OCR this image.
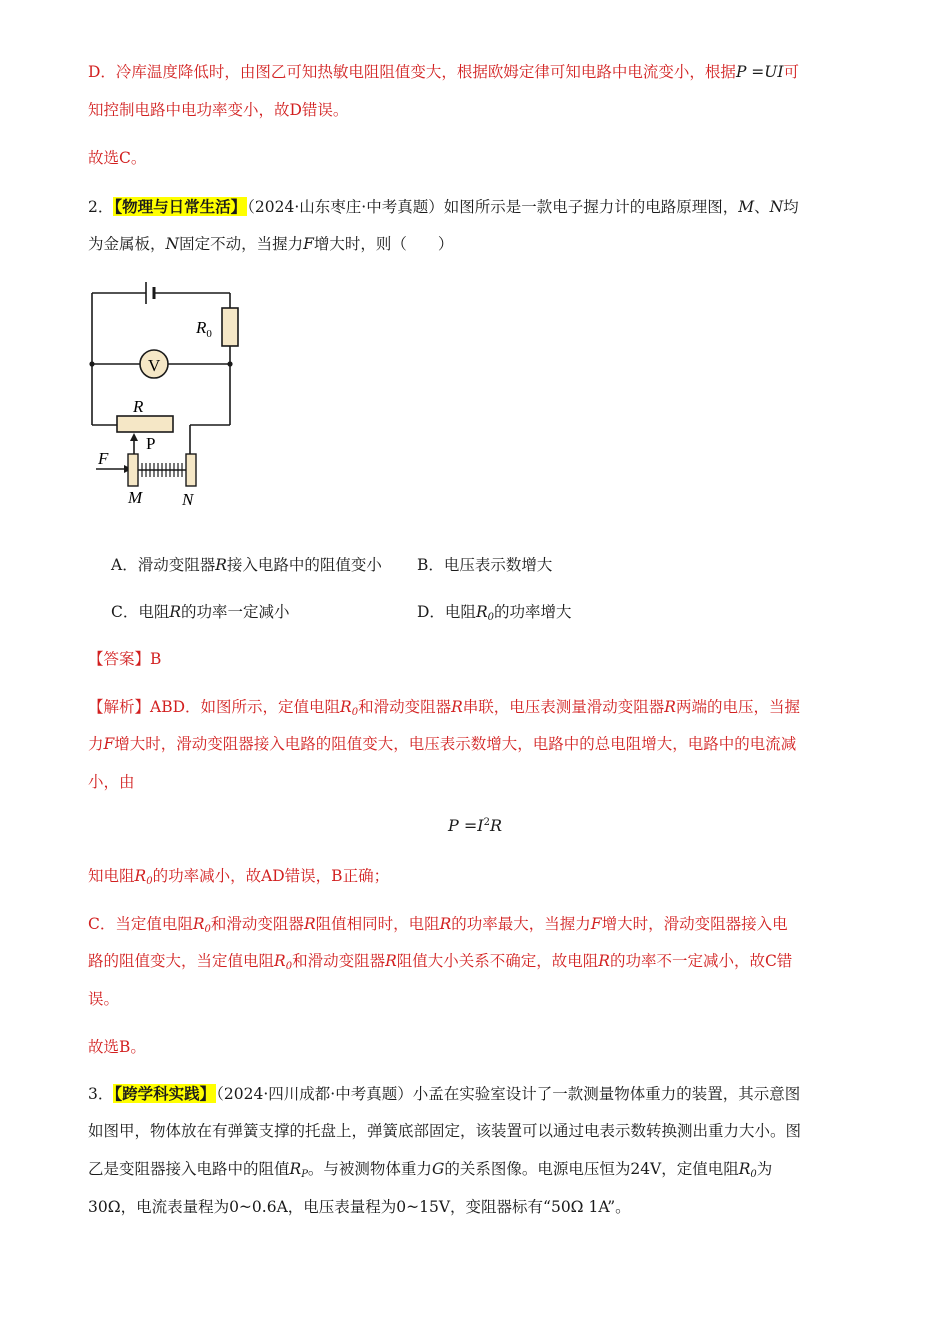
D．冷库温度降低时，由图乙可知热敏电阻阻值变大，根据欧姆定律可知电路中电流变小，根据P =UI可
知控制电路中电功率变小，故D错误。
故选C。
2．【物理与日常生活】（2024·山东枣庄·中考真题）如图所示是一款电子握力计的电路原理图，M、N均
为金属板，N固定不动，当握力F增大时，则（　　）
$R_0$
V
R
P
F
M N
A．滑动变阻器R接入电路中的阻值变小 B．电压表示数增大
C．电阻R的功率一定减小	D．电阻$R_0$的功率增大
【答案】B
【解析】ABD．如图所示，定值电阻$R_0$和滑动变阻器R串联，电压表测量滑动变阻器R两端的电压，当握
力F增大时，滑动变阻器接入电路的阻值变大，电压表示数增大，电路中的总电阻增大，电路中的电流减
小，由
$P =I^2R$
知电阻$R_0$的功率减小，故AD错误，B正确；
C．当定值电阻$R_0$和滑动变阻器R阻值相同时，电阻R的功率最大，当握力F增大时，滑动变阻器接入电
路的阻值变大，当定值电阻$R_0$和滑动变阻器R阻值大小关系不确定，故电阻R的功率不一定减小，故C错
误。
故选B。
3．【跨学科实践】（2024·四川成都·中考真题）小孟在实验室设计了一款测量物体重力的装置，其示意图
如图甲，物体放在有弹簧支撑的托盘上，弹簧底部固定，该装置可以通过电表示数转换测出重力大小。图
乙是变阻器接入电路中的阻值$R_P$。与被测物体重力G的关系图像。电源电压恒为24V，定值电阻$R_0$为
30Ω，电流表量程为0~0.6A，电压表量程为0~15V，变阻器标有“50Ω 1A”。
